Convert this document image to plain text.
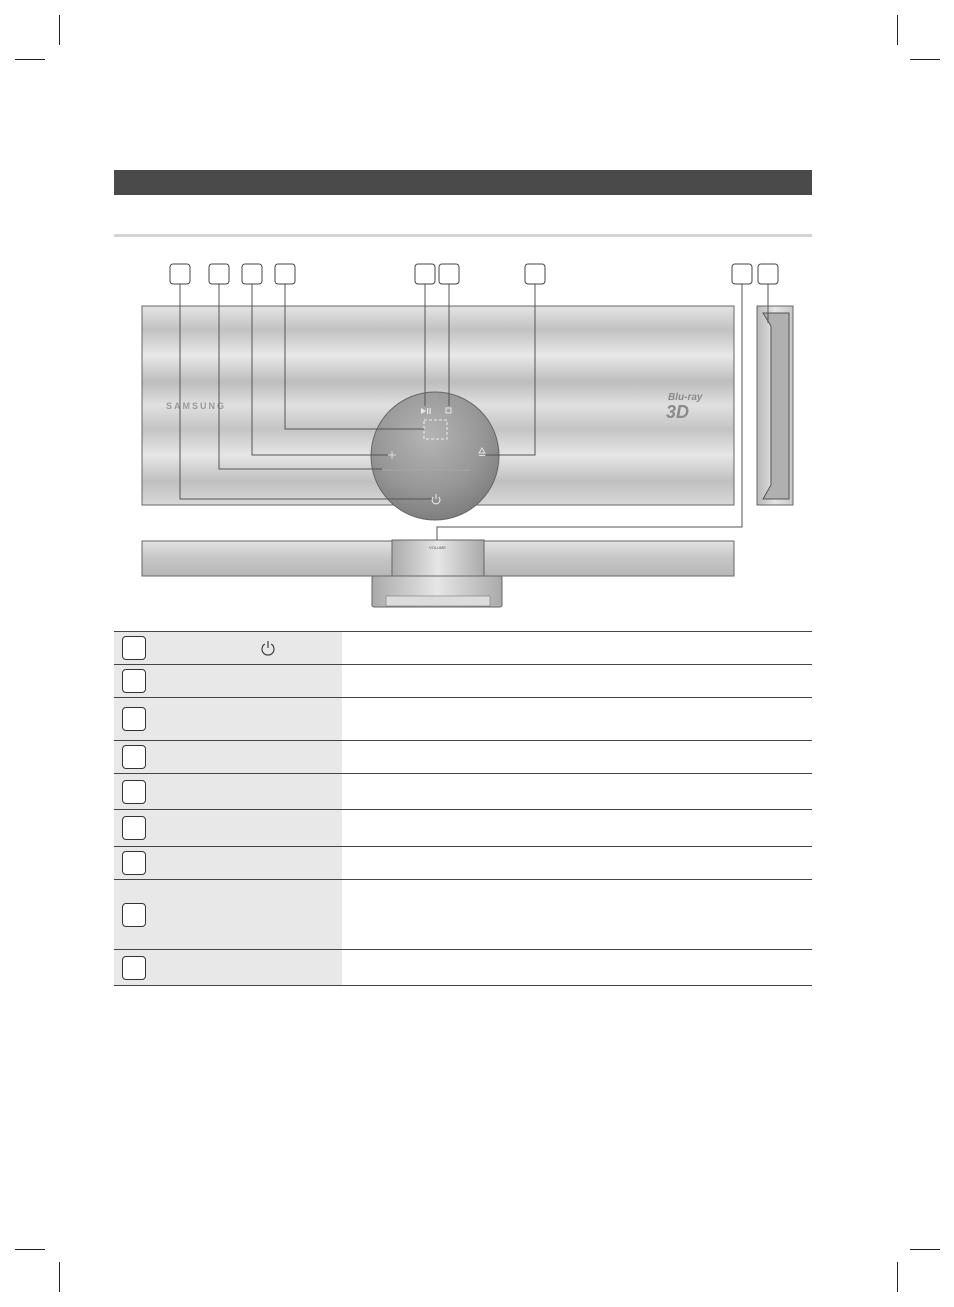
SAMSUNG
Blu-ray
3D
VOLUME
